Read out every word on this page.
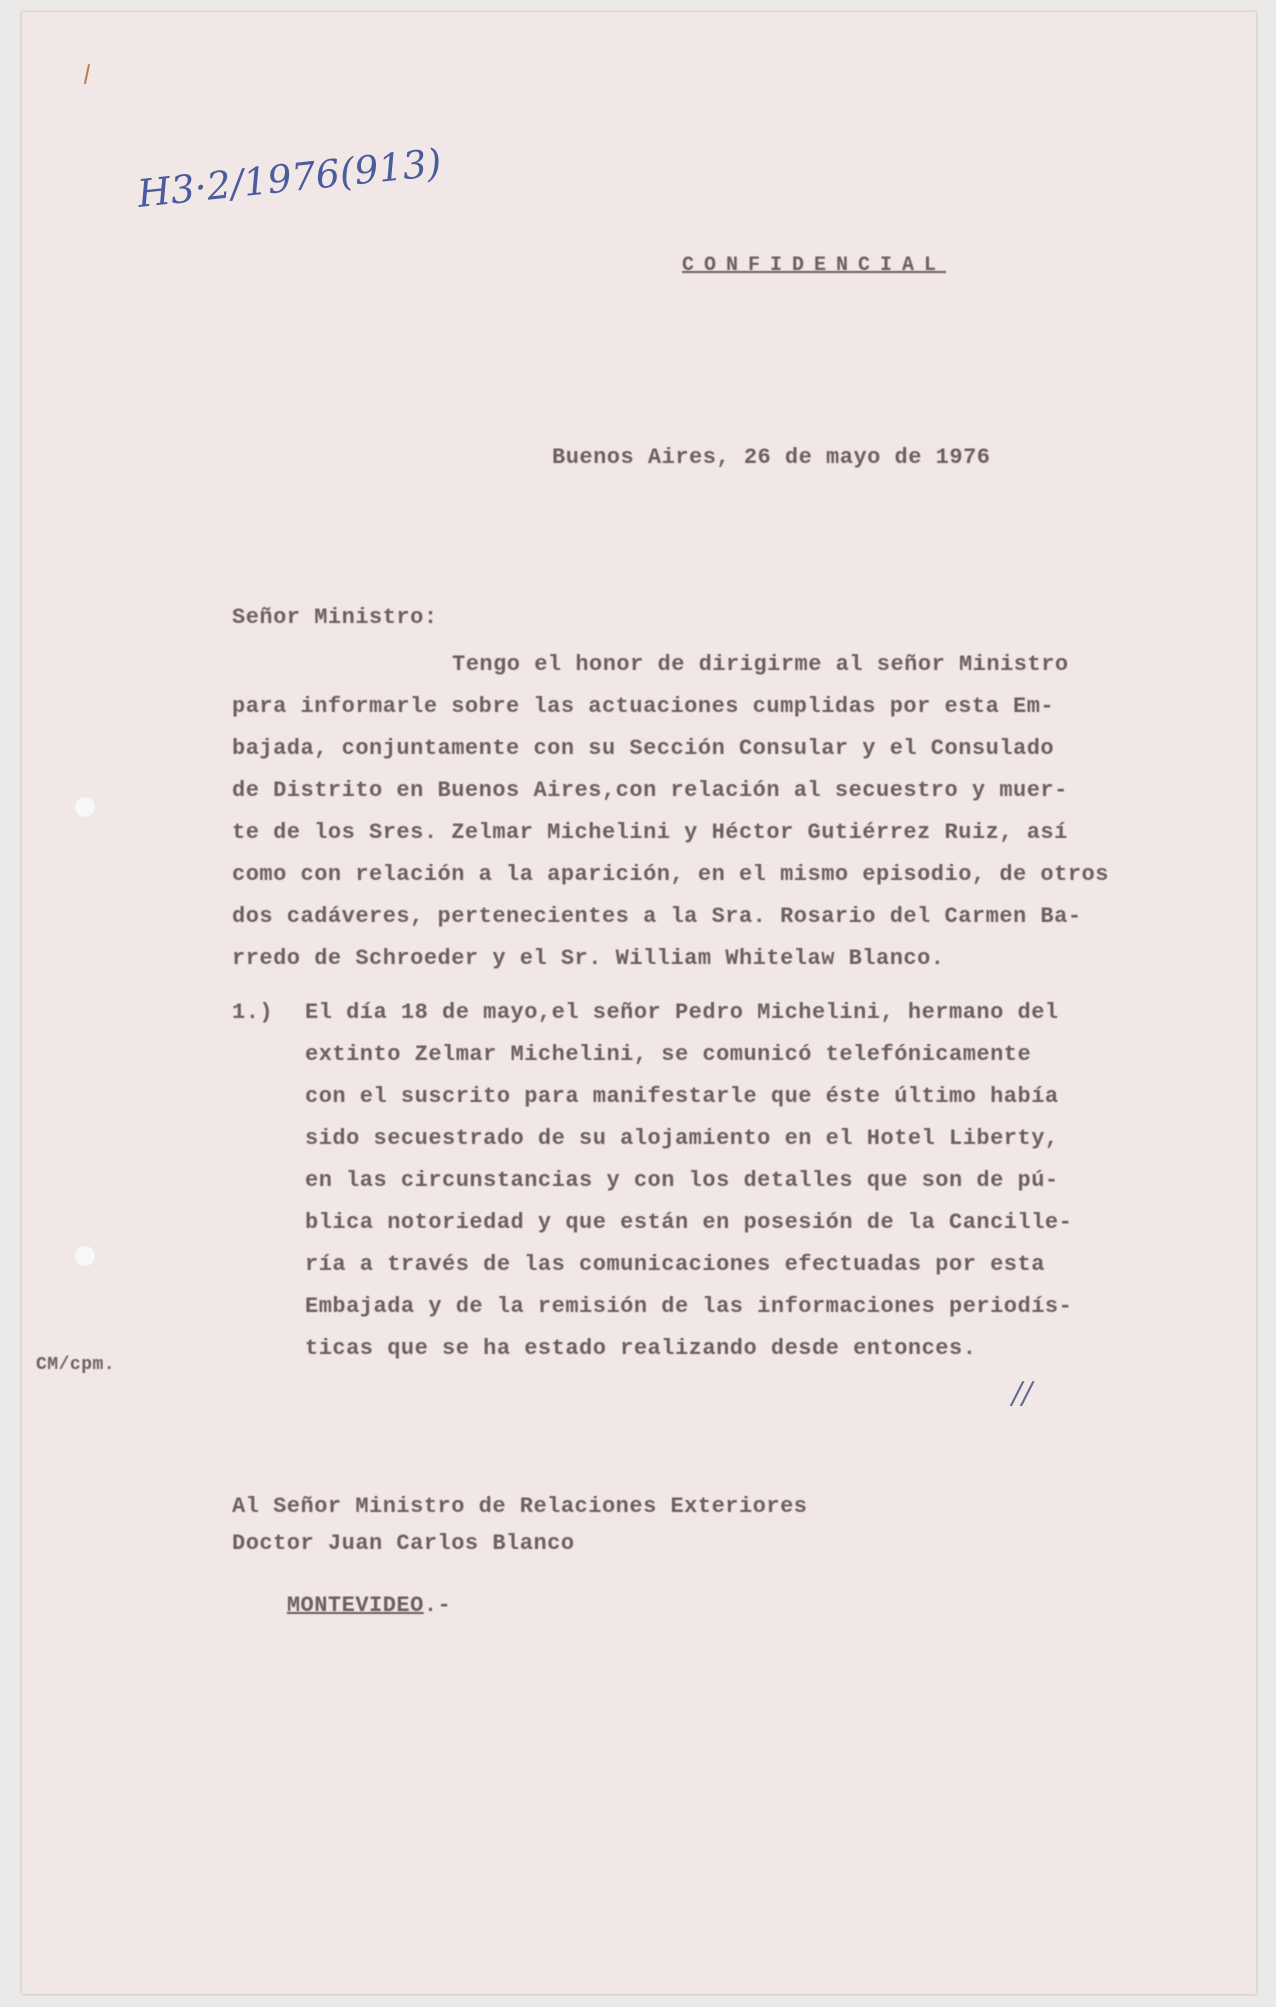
H3·2/1976(913)
CONFIDENCIAL
Buenos Aires, 26 de mayo de 1976
Señor Ministro:
Tengo el honor de dirigirme al señor Ministro
para informarle sobre las actuaciones cumplidas por esta Em-
bajada, conjuntamente con su Sección Consular y el Consulado
de Distrito en Buenos Aires,con relación al secuestro y muer-
te de los Sres. Zelmar Michelini y Héctor Gutiérrez Ruiz, así
como con relación a la aparición, en el mismo episodio, de otros
dos cadáveres, pertenecientes a la Sra. Rosario del Carmen Ba-
rredo de Schroeder y el Sr. William Whitelaw Blanco.
1.) El día 18 de mayo,el señor Pedro Michelini, hermano del
extinto Zelmar Michelini, se comunicó telefónicamente
con el suscrito para manifestarle que éste último había
sido secuestrado de su alojamiento en el Hotel Liberty,
en las circunstancias y con los detalles que son de pú-
blica notoriedad y que están en posesión de la Cancille-
ría a través de las comunicaciones efectuadas por esta
Embajada y de la remisión de las informaciones periodís-
ticas que se ha estado realizando desde entonces.
CM/cpm.
//
Al Señor Ministro de Relaciones Exteriores
Doctor Juan Carlos Blanco

MONTEVIDEO.-
